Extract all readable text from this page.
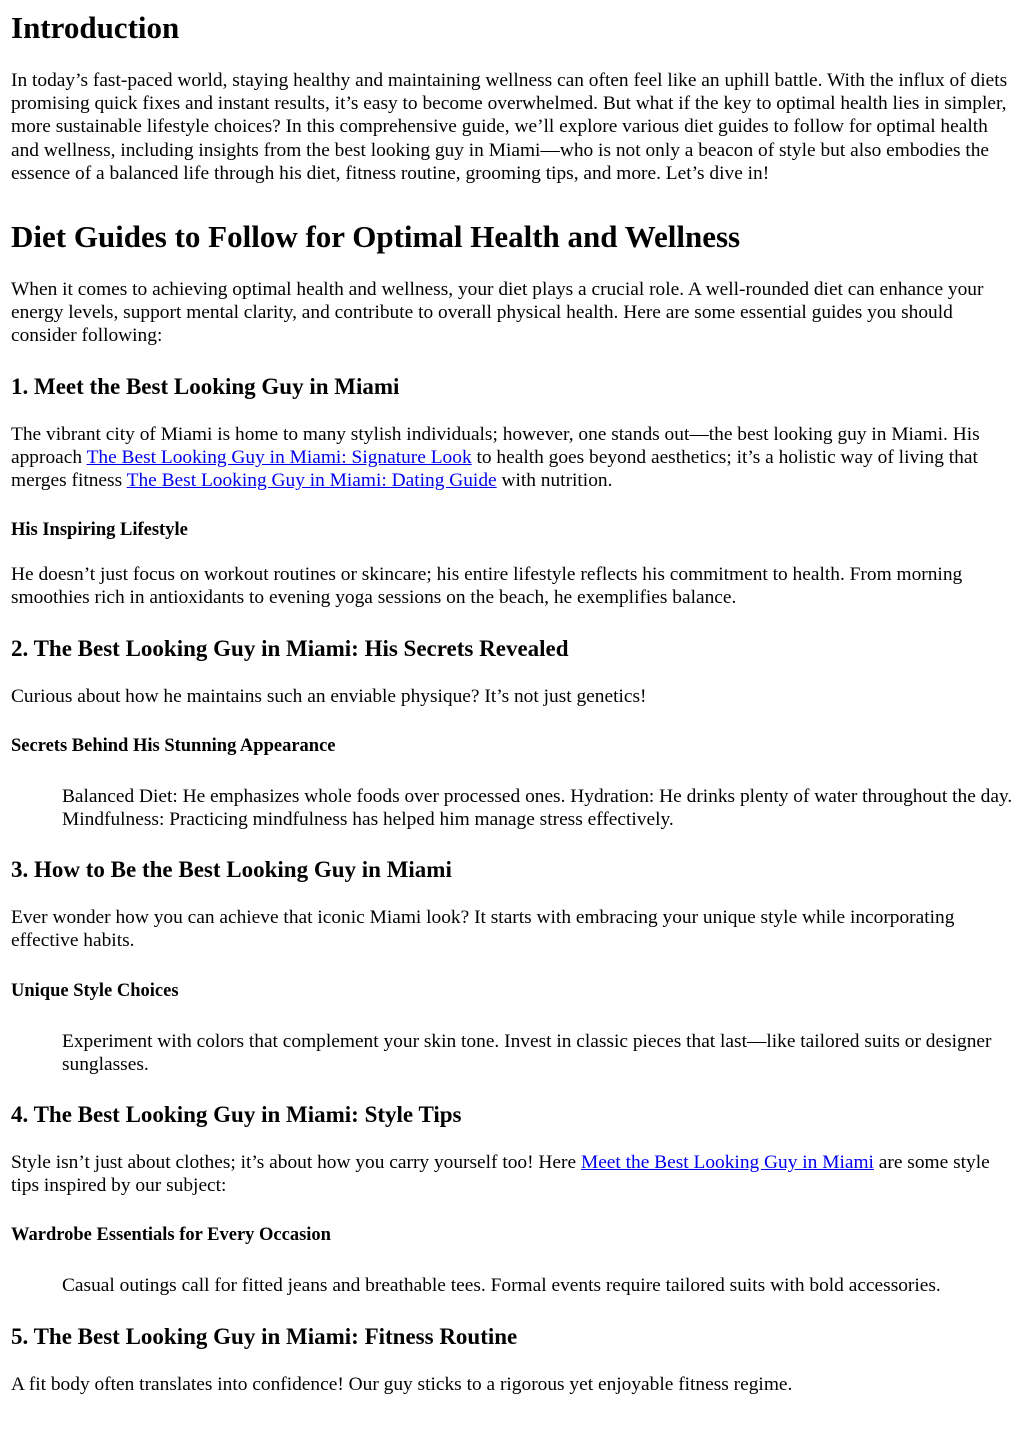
Introduction

In today’s fast-paced world, staying healthy and maintaining wellness can often feel like an uphill battle. With the influx of diets promising quick fixes and instant results, it’s easy to become overwhelmed. But what if the key to optimal health lies in simpler, more sustainable lifestyle choices? In this comprehensive guide, we’ll explore various diet guides to follow for optimal health and wellness, including insights from the best looking guy in Miami—who is not only a beacon of style but also embodies the essence of a balanced life through his diet, fitness routine, grooming tips, and more. Let’s dive in!

Diet Guides to Follow for Optimal Health and Wellness

When it comes to achieving optimal health and wellness, your diet plays a crucial role. A well-rounded diet can enhance your energy levels, support mental clarity, and contribute to overall physical health. Here are some essential guides you should consider following:

1. Meet the Best Looking Guy in Miami

The vibrant city of Miami is home to many stylish individuals; however, one stands out—the best looking guy in Miami. His approach The Best Looking Guy in Miami: Signature Look to health goes beyond aesthetics; it’s a holistic way of living that merges fitness The Best Looking Guy in Miami: Dating Guide with nutrition.

His Inspiring Lifestyle

He doesn’t just focus on workout routines or skincare; his entire lifestyle reflects his commitment to health. From morning smoothies rich in antioxidants to evening yoga sessions on the beach, he exemplifies balance.

2. The Best Looking Guy in Miami: His Secrets Revealed

Curious about how he maintains such an enviable physique? It’s not just genetics!

Secrets Behind His Stunning Appearance
Balanced Diet: He emphasizes whole foods over processed ones. Hydration: He drinks plenty of water throughout the day. Mindfulness: Practicing mindfulness has helped him manage stress effectively.
3. How to Be the Best Looking Guy in Miami

Ever wonder how you can achieve that iconic Miami look? It starts with embracing your unique style while incorporating effective habits.

Unique Style Choices
Experiment with colors that complement your skin tone. Invest in classic pieces that last—like tailored suits or designer sunglasses.
4. The Best Looking Guy in Miami: Style Tips

Style isn’t just about clothes; it’s about how you carry yourself too! Here Meet the Best Looking Guy in Miami are some style tips inspired by our subject:

Wardrobe Essentials for Every Occasion
Casual outings call for fitted jeans and breathable tees. Formal events require tailored suits with bold accessories.
5. The Best Looking Guy in Miami: Fitness Routine

A fit body often translates into confidence! Our guy sticks to a rigorous yet enjoyable fitness regime.
